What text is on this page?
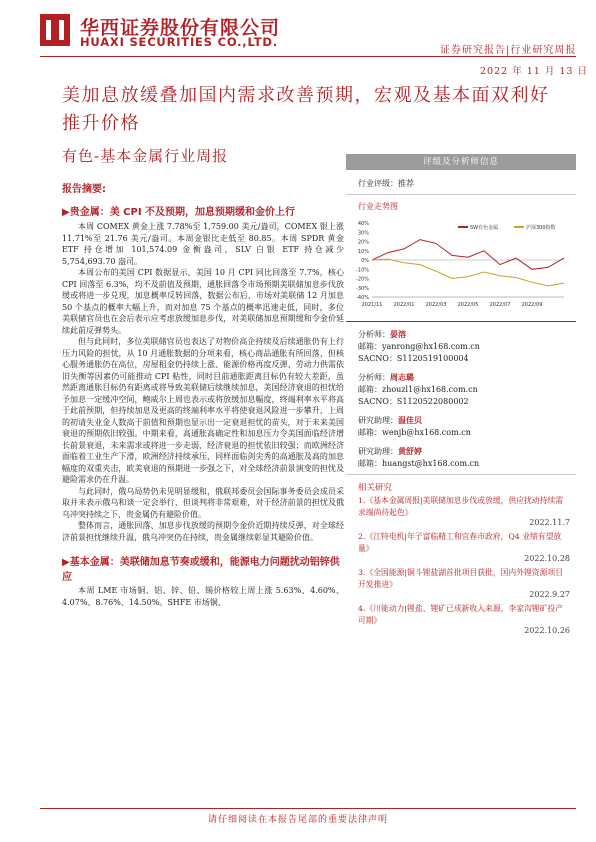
华西证券股份有限公司
HUAXI SECURITIES CO.,LTD.
证券研究报告|行业研究周报
2022 年 11 月 13 日
美加息放缓叠加国内需求改善预期，宏观及基本面双利好推升价格
有色-基本金属行业周报
报告摘要:
▶贵金属：美 CPI 不及预期，加息预期缓和金价上行

本周 COMEX 黄金上涨 7.78%至 1,759.00 美元/盎司，COMEX 银上涨 11.71%至 21.76 美元/盎司。本周金银比走低至 80.85。本周 SPDR 黄金 ETF 持仓增加 101,574.09 金衡盎司，SLV 白银 ETF 持仓减少 5,754,693.70 盎司。

本周公布的美国 CPI 数据显示，美国 10 月 CPI 同比回落至 7.7%，核心 CPI 回落至 6.3%，均不及前值及预期，通胀回落令市场预期美联储加息步伐放缓或将进一步兑现，加息概率反转回落，数据公布后，市场对美联储 12 月加息 50 个基点的概率大幅上升，而对加息 75 个基点的概率迅速走低，同时，多位美联储官员也在会后表示应考虑放缓加息步伐，对美联储加息预期缓和令金价延续此前反弹势头。

但与此同时，多位美联储官员也表达了对物价高企持续及后续通胀仍有上行压力风险的担忧，从 10 月通胀数据的分项来看，核心商品通胀有所回落，但核心服务通胀仍在高位，房屋租金仍持续上涨、能源价格再度反弹、劳动力供需依旧失衡等因素仍可能推动 CPI 粘性，同时目前通胀距离目标仍有较大差距，虽然距离通胀目标仍有距离或将导致美联储后续继续加息，美国经济衰退的担忧给予加息一定缓冲空间，鲍威尔上周也表示或将放缓加息幅度，终端利率水平将高于此前预期，但持续加息及更高的终端利率水平将使衰退风险进一步攀升，上周的初请失业金人数高于前值和预期也显示出一定衰退担忧的苗头，对于未来美国衰退的预期依旧较强。中期来看，高通胀高确定性和加息压力令美国面临经济增长前景衰退，未来需求或将进一步走弱，经济衰退的担忧依旧较强；而欧洲经济面临着工业生产下滑，欧洲经济持续承压，同样面临剑尖秀的高通胀及高的加息幅度的双重夹击，欧美衰退的预期进一步强之下，对全球经济前景演变的担忧及避险需求仍在升温。

与此同时，俄乌局势仍未见明显缓和，俄联邦委员会国际事务委员会成员采取并未表示俄乌和谈一定会举行，但谈判将非常艰难，对于经济前景的担忧及俄乌冲突持续之下，贵金属仍有避险价值。

整体而言，通胀回落、加息步伐放缓的预期令金价近期持续反弹，对全球经济前景担忧继续升温，俄乌冲突仍在持续，贵金属继续彰显其避险价值。

▶基本金属：美联储加息节奏或缓和，能源电力问题扰动铝锌供应

本周 LME 市场铜、铝、锌、铅、锡价格较上周上涨 5.63%、4.60%、4.07%、8.76%、14.50%。SHFE 市场铜、

评级及分析师信息
行业评级：推荐
行业走势图
40%
30%
20%
10%
0%
-10%
-20%
-30%
-40%
2021/11 2022/01 2022/03 2022/05 2022/07 2022/09
SW有色金属	沪深300指数
分析师：晏溶
邮箱：yanrong@hx168.com.cn
SACNO：S1120519100004
分析师：周志璐
邮箱：zhouzl1@hx168.com.cn
SACNO：S1120522080002
研究助理：温佳贝
邮箱：wenjb@hx168.com.cn
研究助理：黄舒婷
邮箱：huangst@hx168.com.cn
相关研究
1.《基本金属周报|美联储加息步伐或放缓，供应扰动持续需求端尚待起色》
2022.11.7
2.《江特电机|年子富临精工和宜春市政府，Q4 业绩有望放量》
2022.10.28
3.《全国能源|铜斗锂盐湖首批项目获批，国内外锂资源项目开发推进》
2022.9.27
4.《川能动力|锂盐、锂矿已成新收入来源，李家沟锂矿投产可期》
2022.10.26
请仔细阅读在本报告尾部的重要法律声明
